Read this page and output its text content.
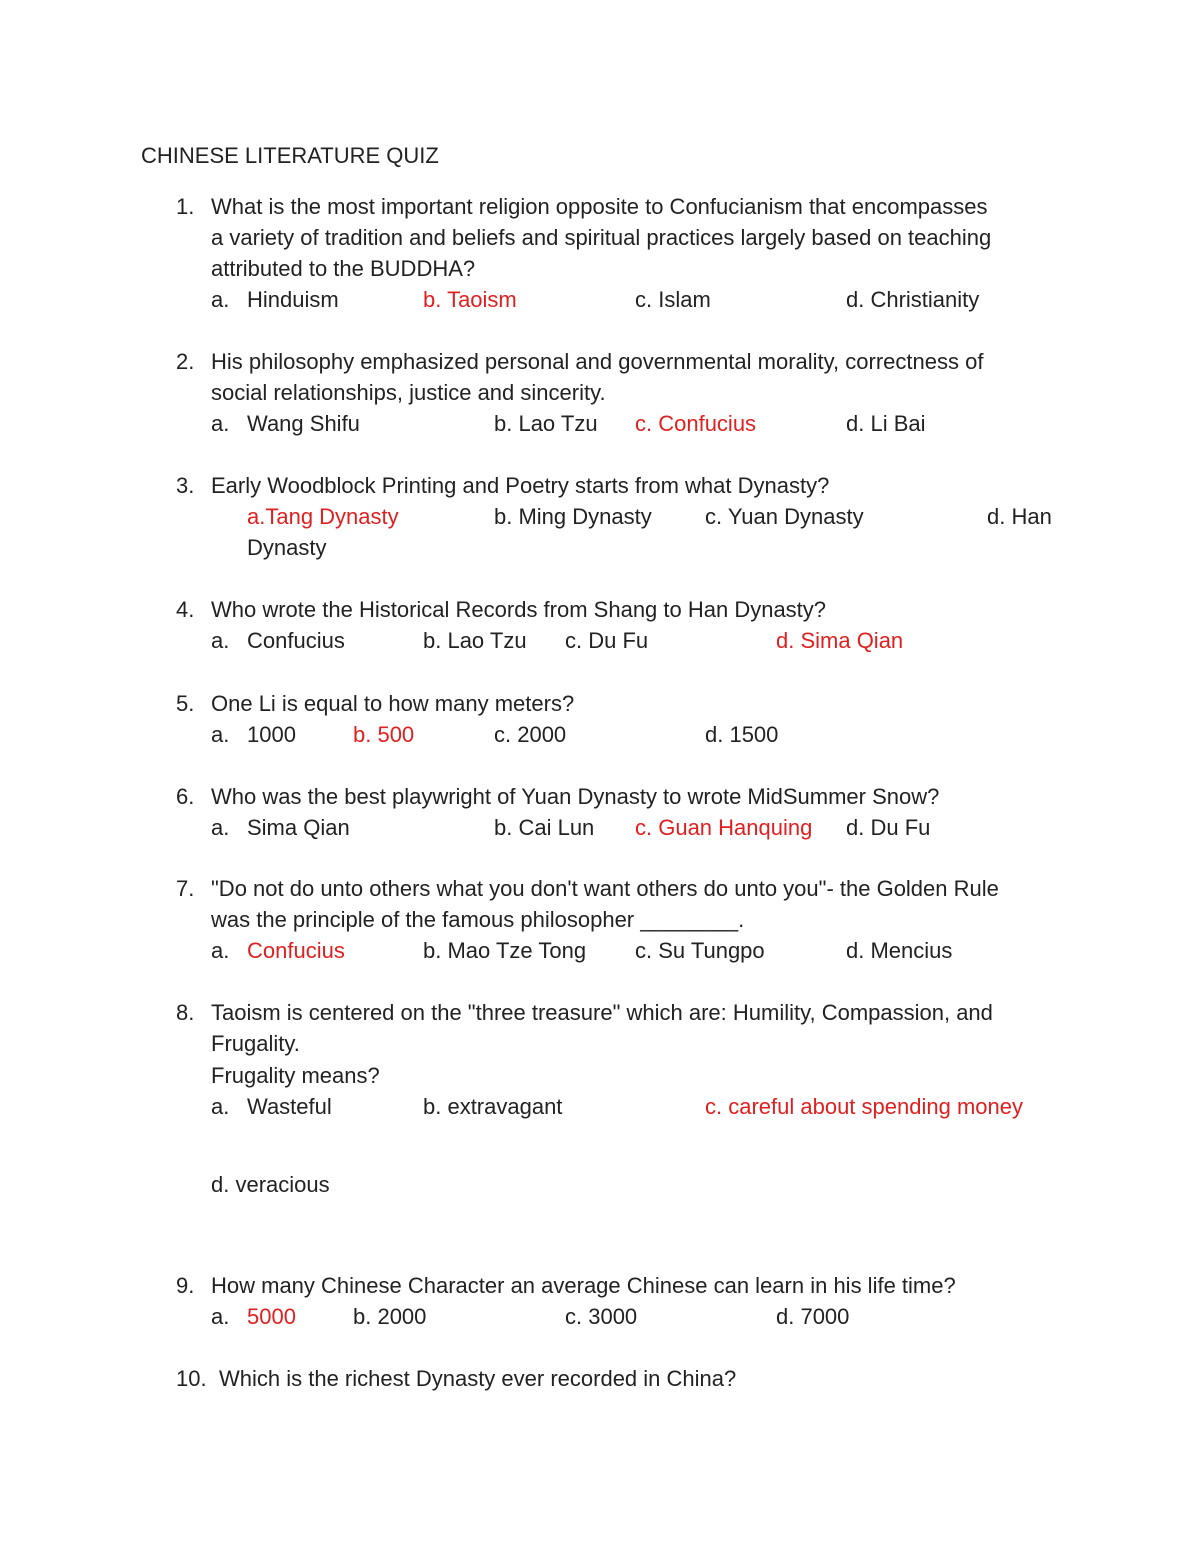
CHINESE LITERATURE QUIZ
1. What is the most important religion opposite to Confucianism that encompasses
a variety of tradition and beliefs and spiritual practices largely based on teaching
attributed to the BUDDHA?
a. Hinduism	b. Taoism	c. Islam	d. Christianity
2. His philosophy emphasized personal and governmental morality, correctness of
social relationships, justice and sincerity.
a. Wang Shifu	b. Lao Tzu c. Confucius	d. Li Bai
3. Early Woodblock Printing and Poetry starts from what Dynasty?
a.Tang Dynasty	b. Ming Dynasty c. Yuan Dynasty	d. Han
Dynasty
4. Who wrote the Historical Records from Shang to Han Dynasty?
a. Confucius	b. Lao Tzu c. Du Fu	d. Sima Qian
5. One Li is equal to how many meters?
a. 1000	b. 500	c. 2000	d. 1500
6. Who was the best playwright of Yuan Dynasty to wrote MidSummer Snow?
a. Sima Qian	b. Cai Lun c. Guan Hanquing d. Du Fu
7. "Do not do unto others what you don't want others do unto you"- the Golden Rule
was the principle of the famous philosopher ________.
a. Confucius	b. Mao Tze Tong c. Su Tungpo	d. Mencius
8. Taoism is centered on the "three treasure" which are: Humility, Compassion, and
Frugality.
Frugality means?
a. Wasteful	b. extravagant	c. careful about spending money
d. veracious
9. How many Chinese Character an average Chinese can learn in his life time?
a. 5000	b. 2000	c. 3000	d. 7000
10. Which is the richest Dynasty ever recorded in China?
